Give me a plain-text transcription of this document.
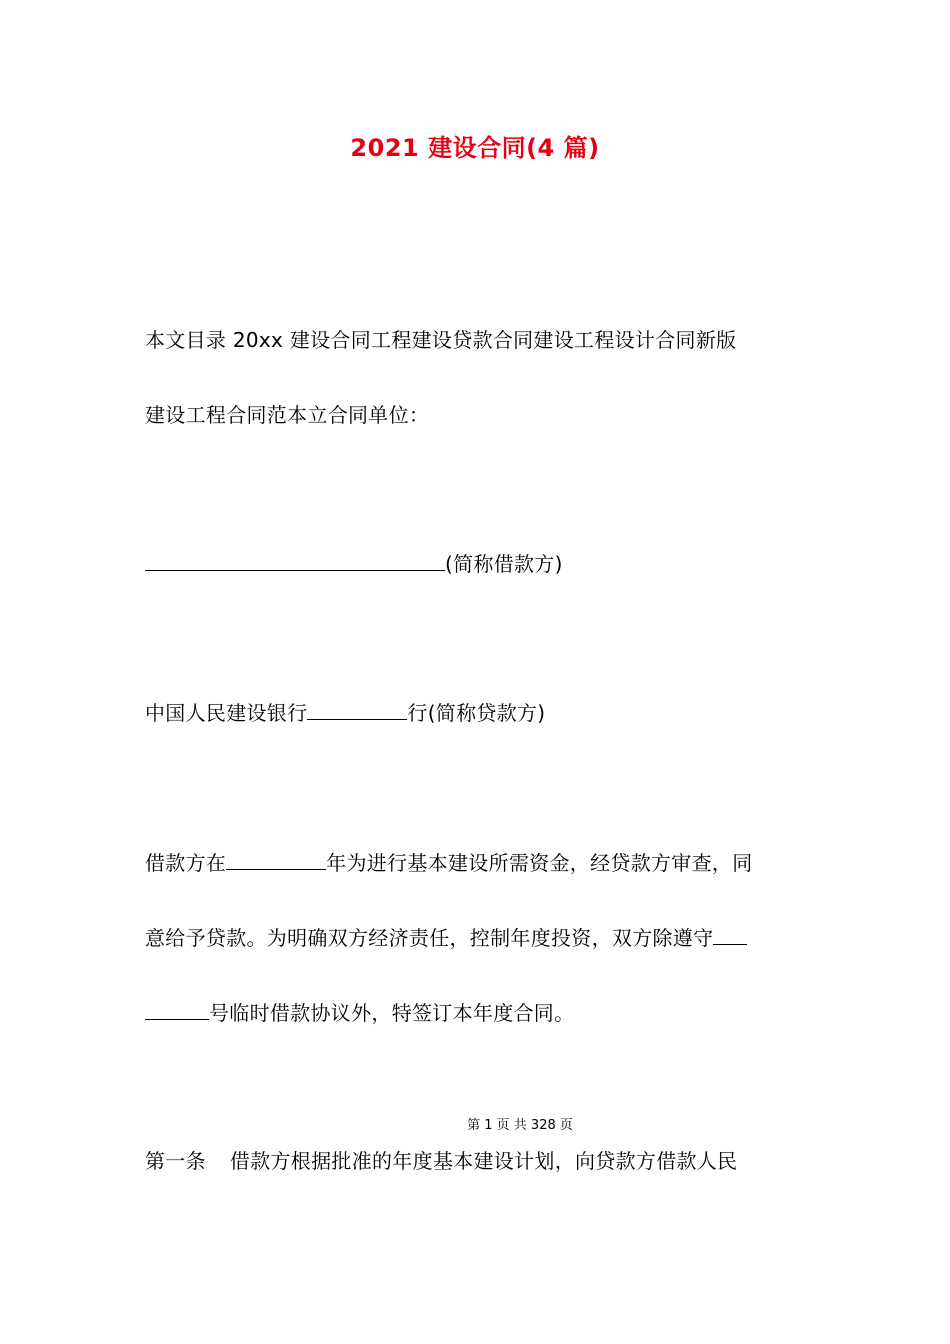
2021 建设合同(4 篇)
本文目录 20xx 建设合同工程建设贷款合同建设工程设计合同新版
建设工程合同范本立合同单位：
(简称借款方)
中国人民建设银行	行(简称贷款方)
借款方在	年为进行基本建设所需资金，经贷款方审查，同
意给予贷款。为明确双方经济责任，控制年度投资，双方除遵守
号临时借款协议外，特签订本年度合同。
第 1 页 共 328 页
第一条 借款方根据批准的年度基本建设计划，向贷款方借款人民
